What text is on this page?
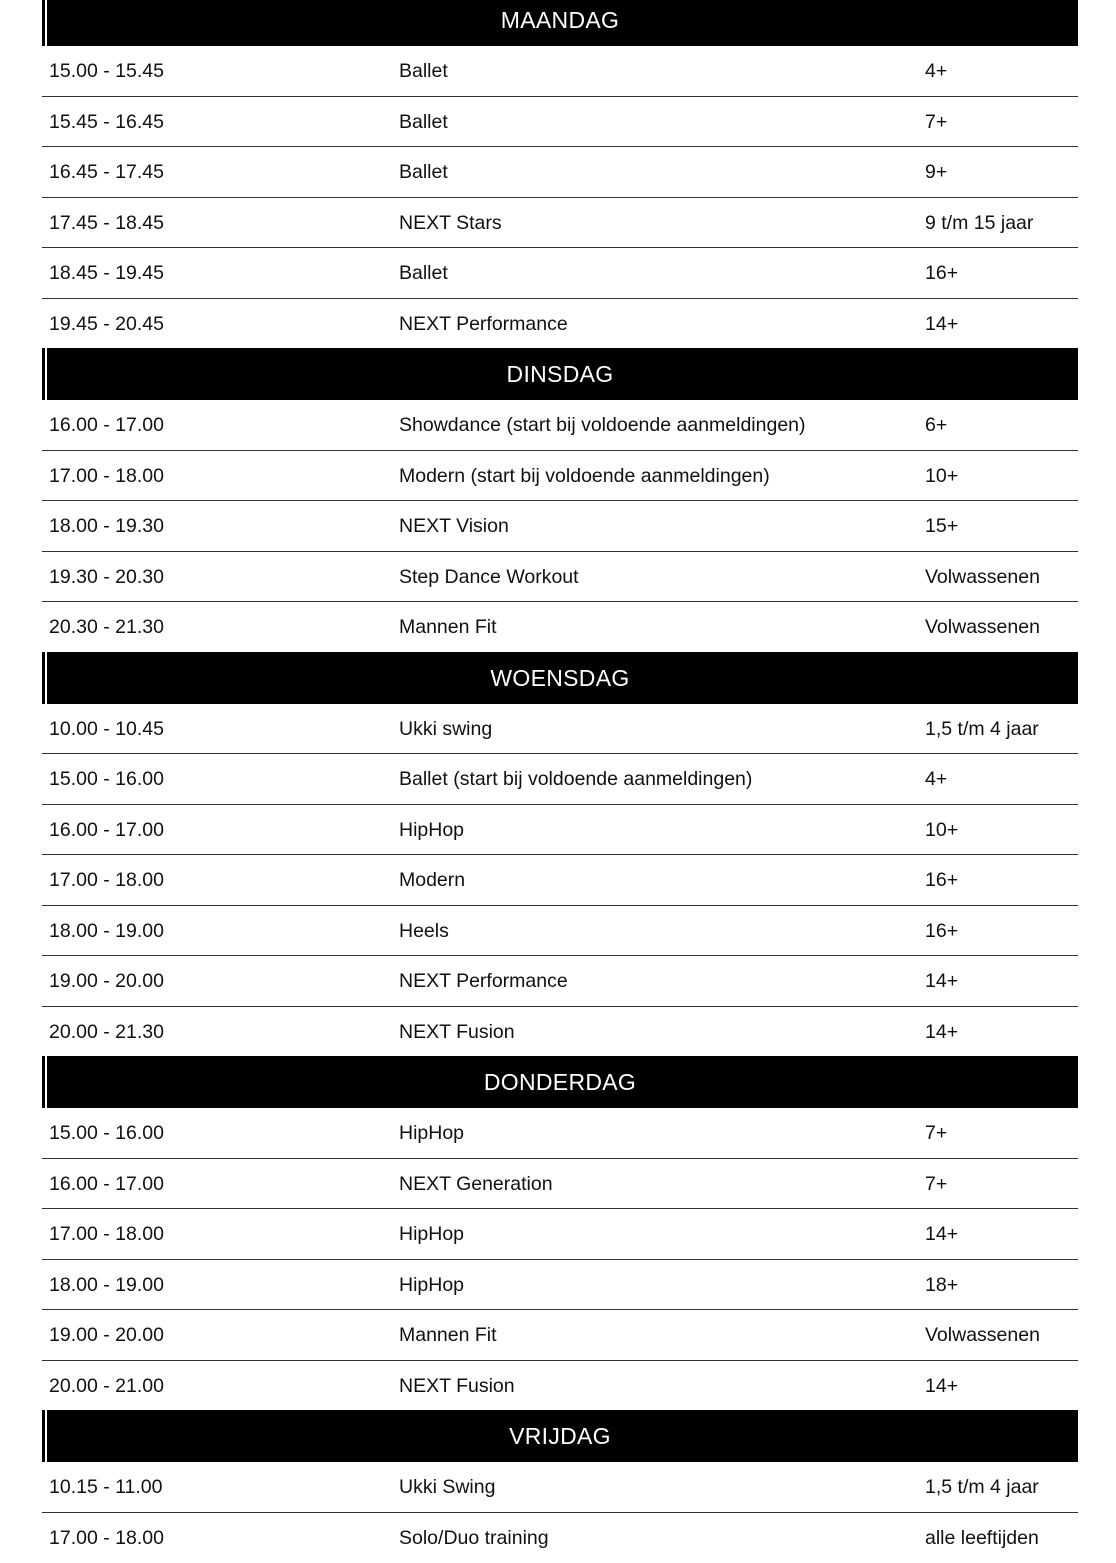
MAANDAG
15.00 - 15.45	Ballet	4+
15.45 - 16.45	Ballet	7+
16.45 - 17.45	Ballet	9+
17.45 - 18.45	NEXT Stars	9 t/m 15 jaar
18.45 - 19.45	Ballet	16+
19.45 - 20.45	NEXT Performance	14+
DINSDAG
16.00 - 17.00	Showdance (start bij voldoende aanmeldingen)	6+
17.00 - 18.00	Modern (start bij voldoende aanmeldingen)	10+
18.00 - 19.30	NEXT Vision	15+
19.30 - 20.30	Step Dance Workout	Volwassenen
20.30 - 21.30	Mannen Fit	Volwassenen
WOENSDAG
10.00 - 10.45	Ukki swing	1,5 t/m 4 jaar
15.00 - 16.00	Ballet (start bij voldoende aanmeldingen)	4+
16.00 - 17.00	HipHop	10+
17.00 - 18.00	Modern	16+
18.00 - 19.00	Heels	16+
19.00 - 20.00	NEXT Performance	14+
20.00 - 21.30	NEXT Fusion	14+
DONDERDAG
15.00 - 16.00	HipHop	7+
16.00 - 17.00	NEXT Generation	7+
17.00 - 18.00	HipHop	14+
18.00 - 19.00	HipHop	18+
19.00 - 20.00	Mannen Fit	Volwassenen
20.00 - 21.00	NEXT Fusion	14+
VRIJDAG
10.15 - 11.00	Ukki Swing	1,5 t/m 4 jaar
17.00 - 18.00	Solo/Duo training	alle leeftijden
